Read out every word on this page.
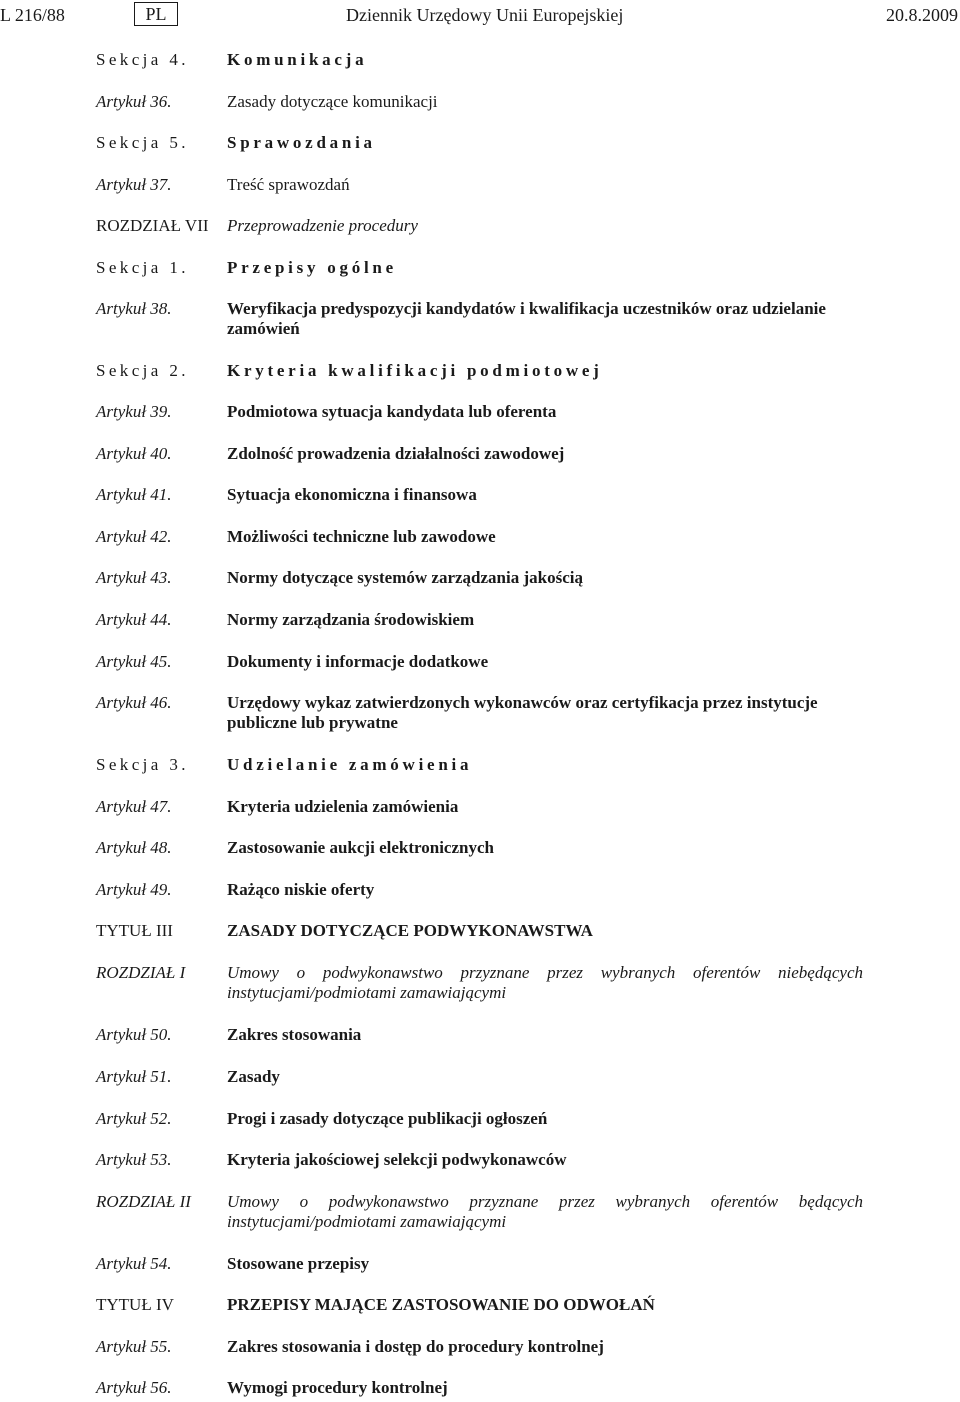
L 216/88	PL	Dziennik Urzędowy Unii Europejskiej	20.8.2009
Sekcja 4. Komunikacja
Artykuł 36.	Zasady dotyczące komunikacji
Sekcja 5. Sprawozdania
Artykuł 37.	Treść sprawozdań
ROZDZIAŁ VII Przeprowadzenie procedury
Sekcja 1. Przepisy ogólne
Artykuł 38.	Weryfikacja predyspozycji kandydatów i kwalifikacja uczestników oraz udzielanie zamówień
Sekcja 2. Kryteria kwalifikacji podmiotowej
Artykuł 39.	Podmiotowa sytuacja kandydata lub oferenta
Artykuł 40.	Zdolność prowadzenia działalności zawodowej
Artykuł 41.	Sytuacja ekonomiczna i finansowa
Artykuł 42.	Możliwości techniczne lub zawodowe
Artykuł 43.	Normy dotyczące systemów zarządzania jakością
Artykuł 44.	Normy zarządzania środowiskiem
Artykuł 45.	Dokumenty i informacje dodatkowe
Artykuł 46.	Urzędowy wykaz zatwierdzonych wykonawców oraz certyfikacja przez instytucje publiczne lub prywatne
Sekcja 3. Udzielanie zamówienia
Artykuł 47.	Kryteria udzielenia zamówienia
Artykuł 48.	Zastosowanie aukcji elektronicznych
Artykuł 49.	Rażąco niskie oferty
TYTUŁ III	ZASADY DOTYCZĄCE PODWYKONAWSTWA
ROZDZIAŁ I Umowy o podwykonawstwo przyznane przez wybranych oferentów niebędących instytucjami/podmiotami zamawiającymi
Artykuł 50.	Zakres stosowania
Artykuł 51.	Zasady
Artykuł 52.	Progi i zasady dotyczące publikacji ogłoszeń
Artykuł 53.	Kryteria jakościowej selekcji podwykonawców
ROZDZIAŁ II Umowy o podwykonawstwo przyznane przez wybranych oferentów będących instytucjami/podmiotami zamawiającymi
Artykuł 54.	Stosowane przepisy
TYTUŁ IV	PRZEPISY MAJĄCE ZASTOSOWANIE DO ODWOŁAŃ
Artykuł 55.	Zakres stosowania i dostęp do procedury kontrolnej
Artykuł 56.	Wymogi procedury kontrolnej
